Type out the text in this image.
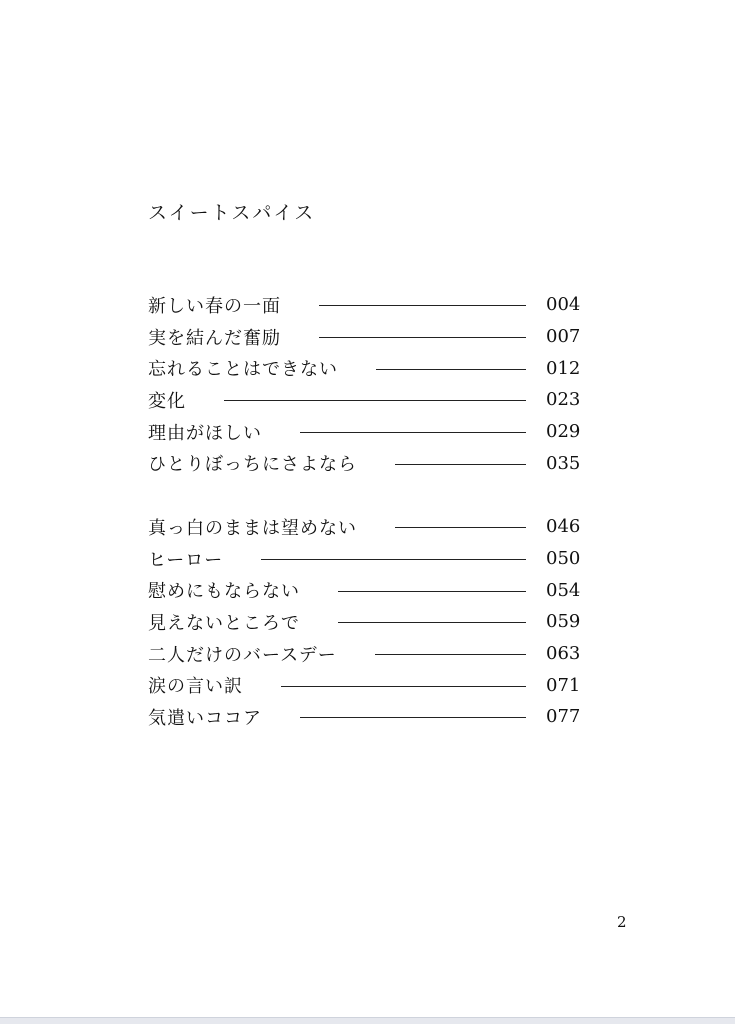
スイートスパイス
新しい春の一面	004
実を結んだ奮励	007
忘れることはできない	012
変化	023
理由がほしい	029
ひとりぼっちにさよなら	035
真っ白のままは望めない	046
ヒーロー	050
慰めにもならない	054
見えないところで	059
二人だけのバースデー	063
涙の言い訳	071
気遣いココア	077
2
